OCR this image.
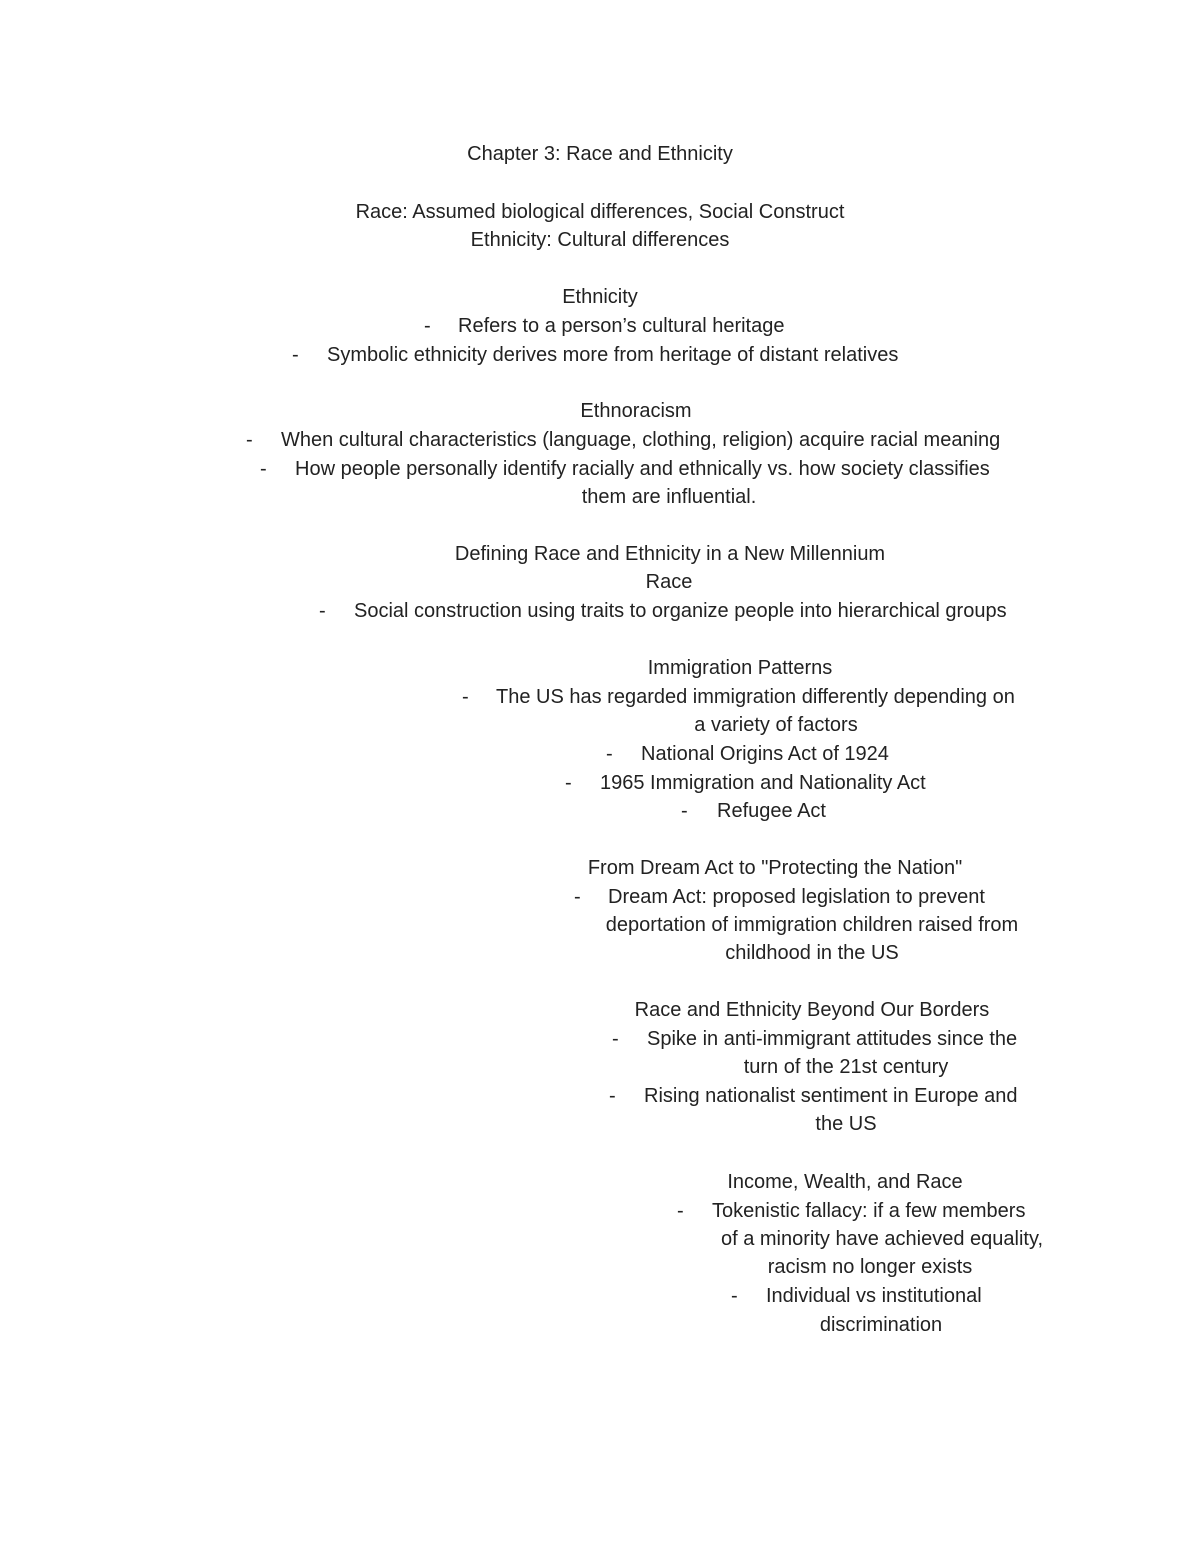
Chapter 3: Race and Ethnicity
Race: Assumed biological differences, Social Construct
Ethnicity: Cultural differences
Ethnicity
- Refers to a person’s cultural heritage
- Symbolic ethnicity derives more from heritage of distant relatives
Ethnoracism
- When cultural characteristics (language, clothing, religion) acquire racial meaning
- How people personally identify racially and ethnically vs. how society classifies
them are influential.
Defining Race and Ethnicity in a New Millennium
Race
- Social construction using traits to organize people into hierarchical groups
Immigration Patterns
- The US has regarded immigration differently depending on
a variety of factors
- National Origins Act of 1924
- 1965 Immigration and Nationality Act
- Refugee Act
From Dream Act to "Protecting the Nation"
- Dream Act: proposed legislation to prevent
deportation of immigration children raised from
childhood in the US
Race and Ethnicity Beyond Our Borders
- Spike in anti-immigrant attitudes since the
turn of the 21st century
- Rising nationalist sentiment in Europe and
the US
Income, Wealth, and Race
- Tokenistic fallacy: if a few members
of a minority have achieved equality,
racism no longer exists
- Individual vs institutional
discrimination
